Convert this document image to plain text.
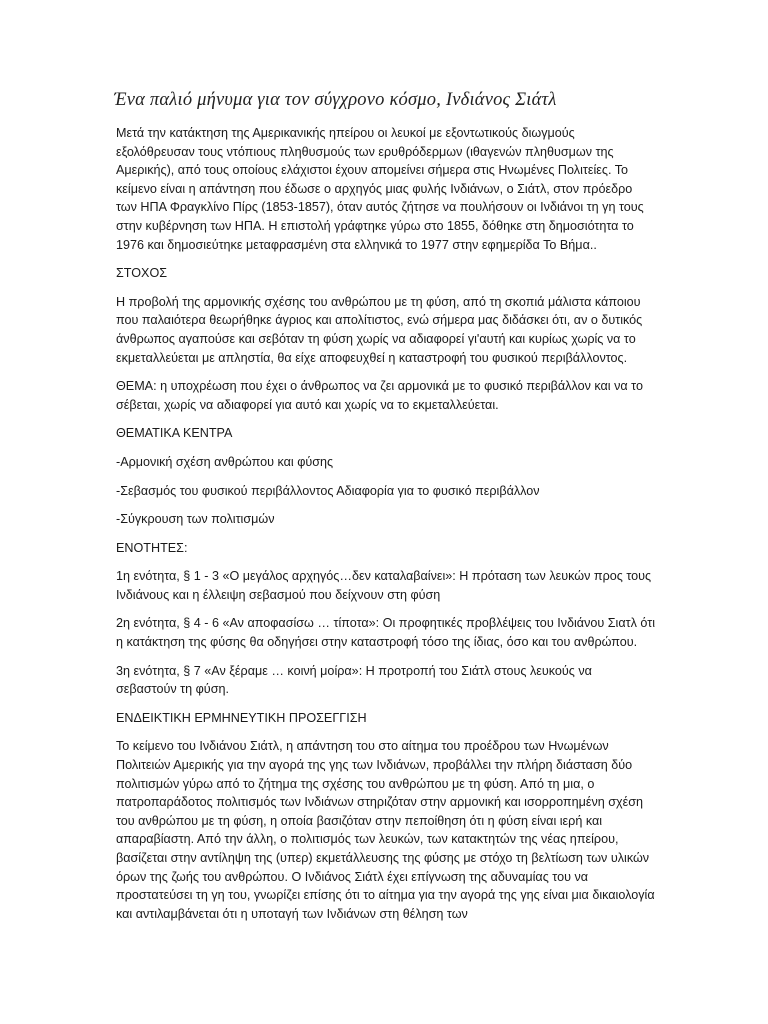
Ένα παλιό μήνυμα για τον σύγχρονο κόσμο, Ινδιάνος Σιάτλ

Μετά την κατάκτηση της Αμερικανικής ηπείρου οι λευκοί με εξοντωτικούς διωγμούς εξολόθρευσαν τους ντόπιους πληθυσμούς των ερυθρόδερμων (ιθαγενών πληθυσμων της Αμερικής), από τους οποίους ελάχιστοι έχουν απομείνει σήμερα στις Ηνωμένες Πολιτείες. Το κείμενο είναι η απάντηση που έδωσε ο αρχηγός μιας φυλής Ινδιάνων, ο Σιάτλ, στον πρόεδρο των ΗΠΑ Φραγκλίνο Πίρς (1853-1857), όταν αυτός ζήτησε να πουλήσουν οι Ινδιάνοι τη γη τους στην κυβέρνηση των ΗΠΑ. Η επιστολή γράφτηκε γύρω στο 1855, δόθηκε στη δημοσιότητα το 1976 και δημοσιεύτηκε μεταφρασμένη στα ελληνικά το 1977 στην εφημερίδα Το Βήμα..

ΣΤΟΧΟΣ

Η προβολή της αρμονικής σχέσης του ανθρώπου με τη φύση, από τη σκοπιά μάλιστα κάποιου που παλαιότερα θεωρήθηκε άγριος και απολίτιστος, ενώ σήμερα μας διδάσκει ότι, αν ο δυτικός άνθρωπος αγαπούσε και σεβόταν τη φύση χωρίς να αδιαφορεί γι'αυτή και κυρίως χωρίς να το εκμεταλλεύεται με απληστία, θα είχε αποφευχθεί η καταστροφή του φυσικού περιβάλλοντος.

ΘΕΜΑ: η υποχρέωση που έχει ο άνθρωπος να ζει αρμονικά με το φυσικό περιβάλλον και να το σέβεται, χωρίς να αδιαφορεί για αυτό και χωρίς να το εκμεταλλεύεται.

ΘΕΜΑΤΙΚΑ ΚΕΝΤΡΑ

-Αρμονική σχέση ανθρώπου και φύσης

-Σεβασμός του φυσικού περιβάλλοντος Αδιαφορία για το φυσικό περιβάλλον

-Σύγκρουση των πολιτισμών

ΕΝΟΤΗΤΕΣ:

1η ενότητα, § 1 - 3 «Ο μεγάλος αρχηγός…δεν καταλαβαίνει»: Η πρόταση των λευκών προς τους Ινδιάνους και η έλλειψη σεβασμού που δείχνουν στη φύση

2η ενότητα, § 4 - 6 «Αν αποφασίσω … τίποτα»: Οι προφητικές προβλέψεις του Ινδιάνου Σιατλ ότι η κατάκτηση της φύσης θα οδηγήσει στην καταστροφή τόσο της ίδιας, όσο και του ανθρώπου.

3η ενότητα, § 7 «Αν ξέραμε … κοινή μοίρα»: Η προτροπή του Σιάτλ στους λευκούς να σεβαστούν τη φύση.

ΕΝΔΕΙΚΤΙΚΗ ΕΡΜΗΝΕΥΤΙΚΗ ΠΡΟΣΕΓΓΙΣΗ

Το κείμενο του Ινδιάνου Σιάτλ, η απάντηση του στο αίτημα του προέδρου των Ηνωμένων Πολιτειών Αμερικής για την αγορά της γης των Ινδιάνων, προβάλλει την πλήρη διάσταση δύο πολιτισμών γύρω από το ζήτημα της σχέσης του ανθρώπου με τη φύση. Από τη μια, ο πατροπαράδοτος πολιτισμός των Ινδιάνων στηριζόταν στην αρμονική και ισορροπημένη σχέση του ανθρώπου με τη φύση, η οποία βασιζόταν στην πεποίθηση ότι η φύση είναι ιερή και απαραβίαστη. Από την άλλη, ο πολιτισμός των λευκών, των κατακτητών της νέας ηπείρου, βασίζεται στην αντίληψη της (υπερ) εκμετάλλευσης της φύσης με στόχο τη βελτίωση των υλικών όρων της ζωής του ανθρώπου. Ο Ινδιάνος Σιάτλ έχει επίγνωση της αδυναμίας του να προστατεύσει τη γη του, γνωρίζει επίσης ότι το αίτημα για την αγορά της γης είναι μια δικαιολογία και αντιλαμβάνεται ότι η υποταγή των Ινδιάνων στη θέληση των
